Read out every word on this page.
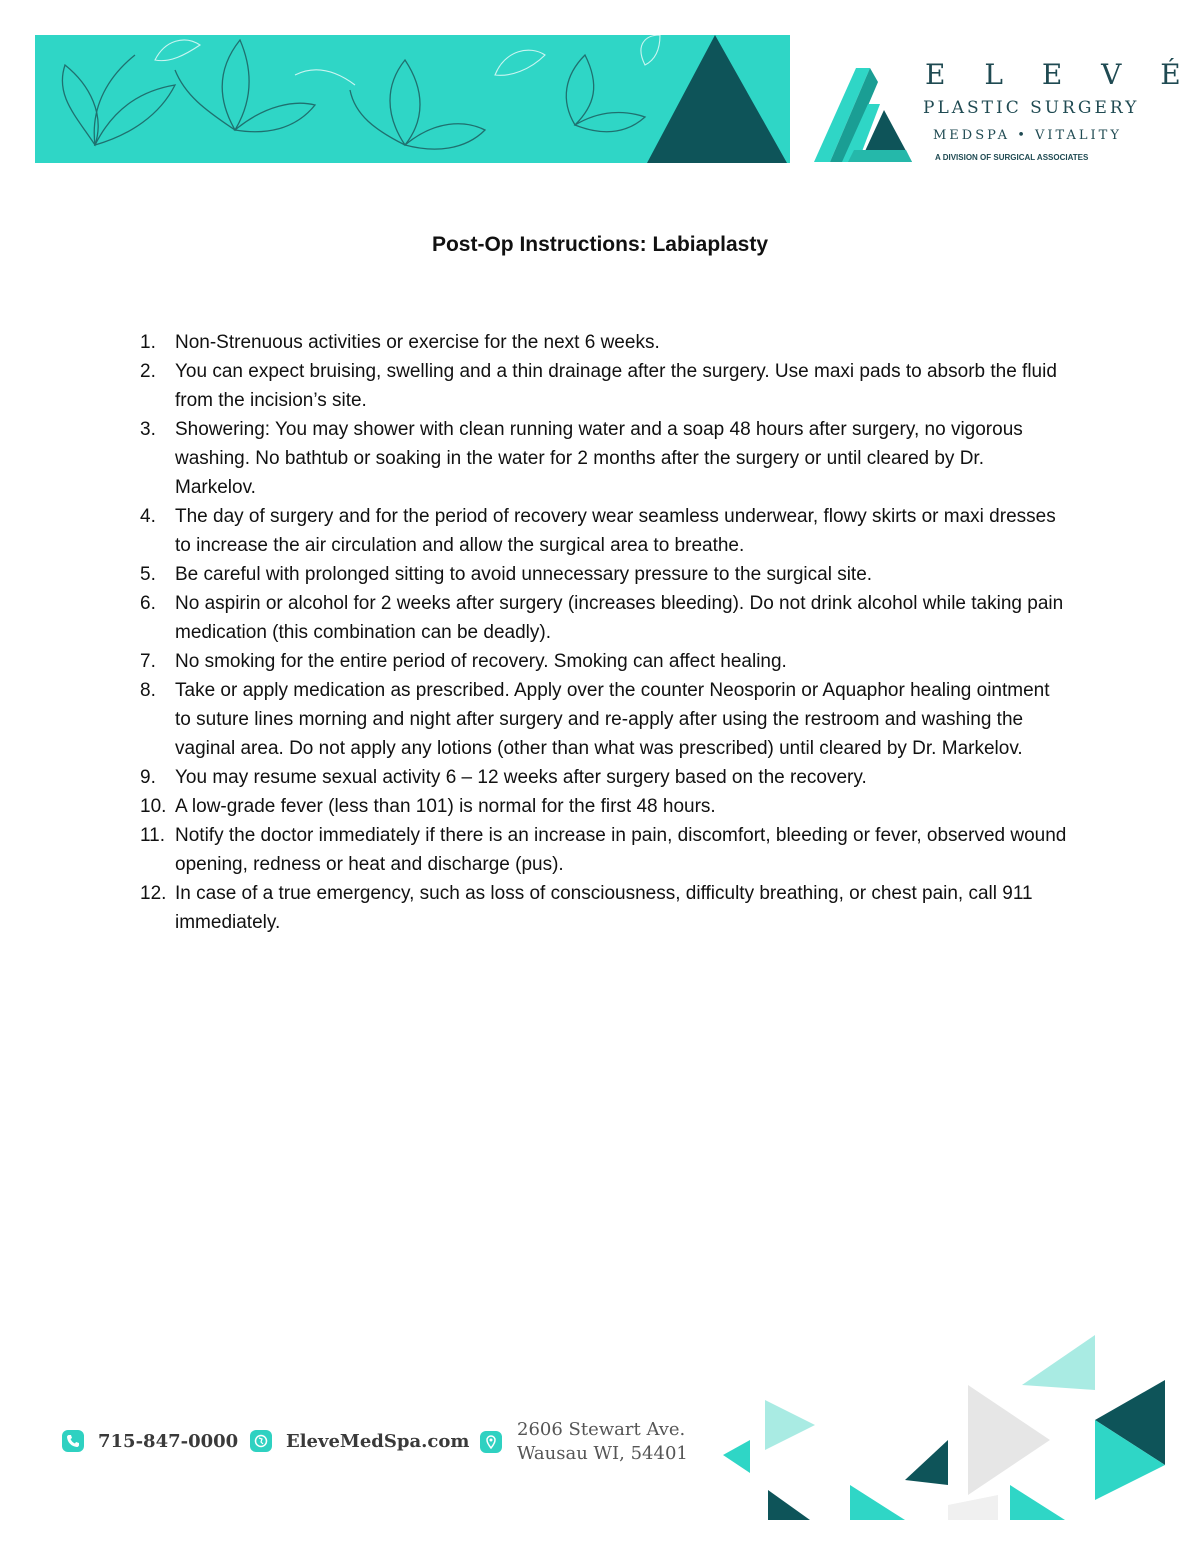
E L E V É
PLASTIC SURGERY
MEDSPA • VITALITY
A DIVISION OF SURGICAL ASSOCIATES
Post-Op Instructions: Labiaplasty
1. Non-Strenuous activities or exercise for the next 6 weeks.
2. You can expect bruising, swelling and a thin drainage after the surgery. Use maxi pads to absorb the fluid from the incision’s site.
3. Showering: You may shower with clean running water and a soap 48 hours after surgery, no vigorous washing. No bathtub or soaking in the water for 2 months after the surgery or until cleared by Dr. Markelov.
4. The day of surgery and for the period of recovery wear seamless underwear, flowy skirts or maxi dresses to increase the air circulation and allow the surgical area to breathe.
5. Be careful with prolonged sitting to avoid unnecessary pressure to the surgical site.
6. No aspirin or alcohol for 2 weeks after surgery (increases bleeding). Do not drink alcohol while taking pain medication (this combination can be deadly).
7. No smoking for the entire period of recovery. Smoking can affect healing.
8. Take or apply medication as prescribed. Apply over the counter Neosporin or Aquaphor healing ointment to suture lines morning and night after surgery and re-apply after using the restroom and washing the vaginal area. Do not apply any lotions (other than what was prescribed) until cleared by Dr. Markelov.
9. You may resume sexual activity 6 – 12 weeks after surgery based on the recovery.
10. A low-grade fever (less than 101) is normal for the first 48 hours.
11. Notify the doctor immediately if there is an increase in pain, discomfort, bleeding or fever, observed wound opening, redness or heat and discharge (pus).
12. In case of a true emergency, such as loss of consciousness, difficulty breathing, or chest pain, call 911 immediately.
715-847-0000	EleveMedSpa.com
2606 Stewart Ave.
Wausau WI, 54401
